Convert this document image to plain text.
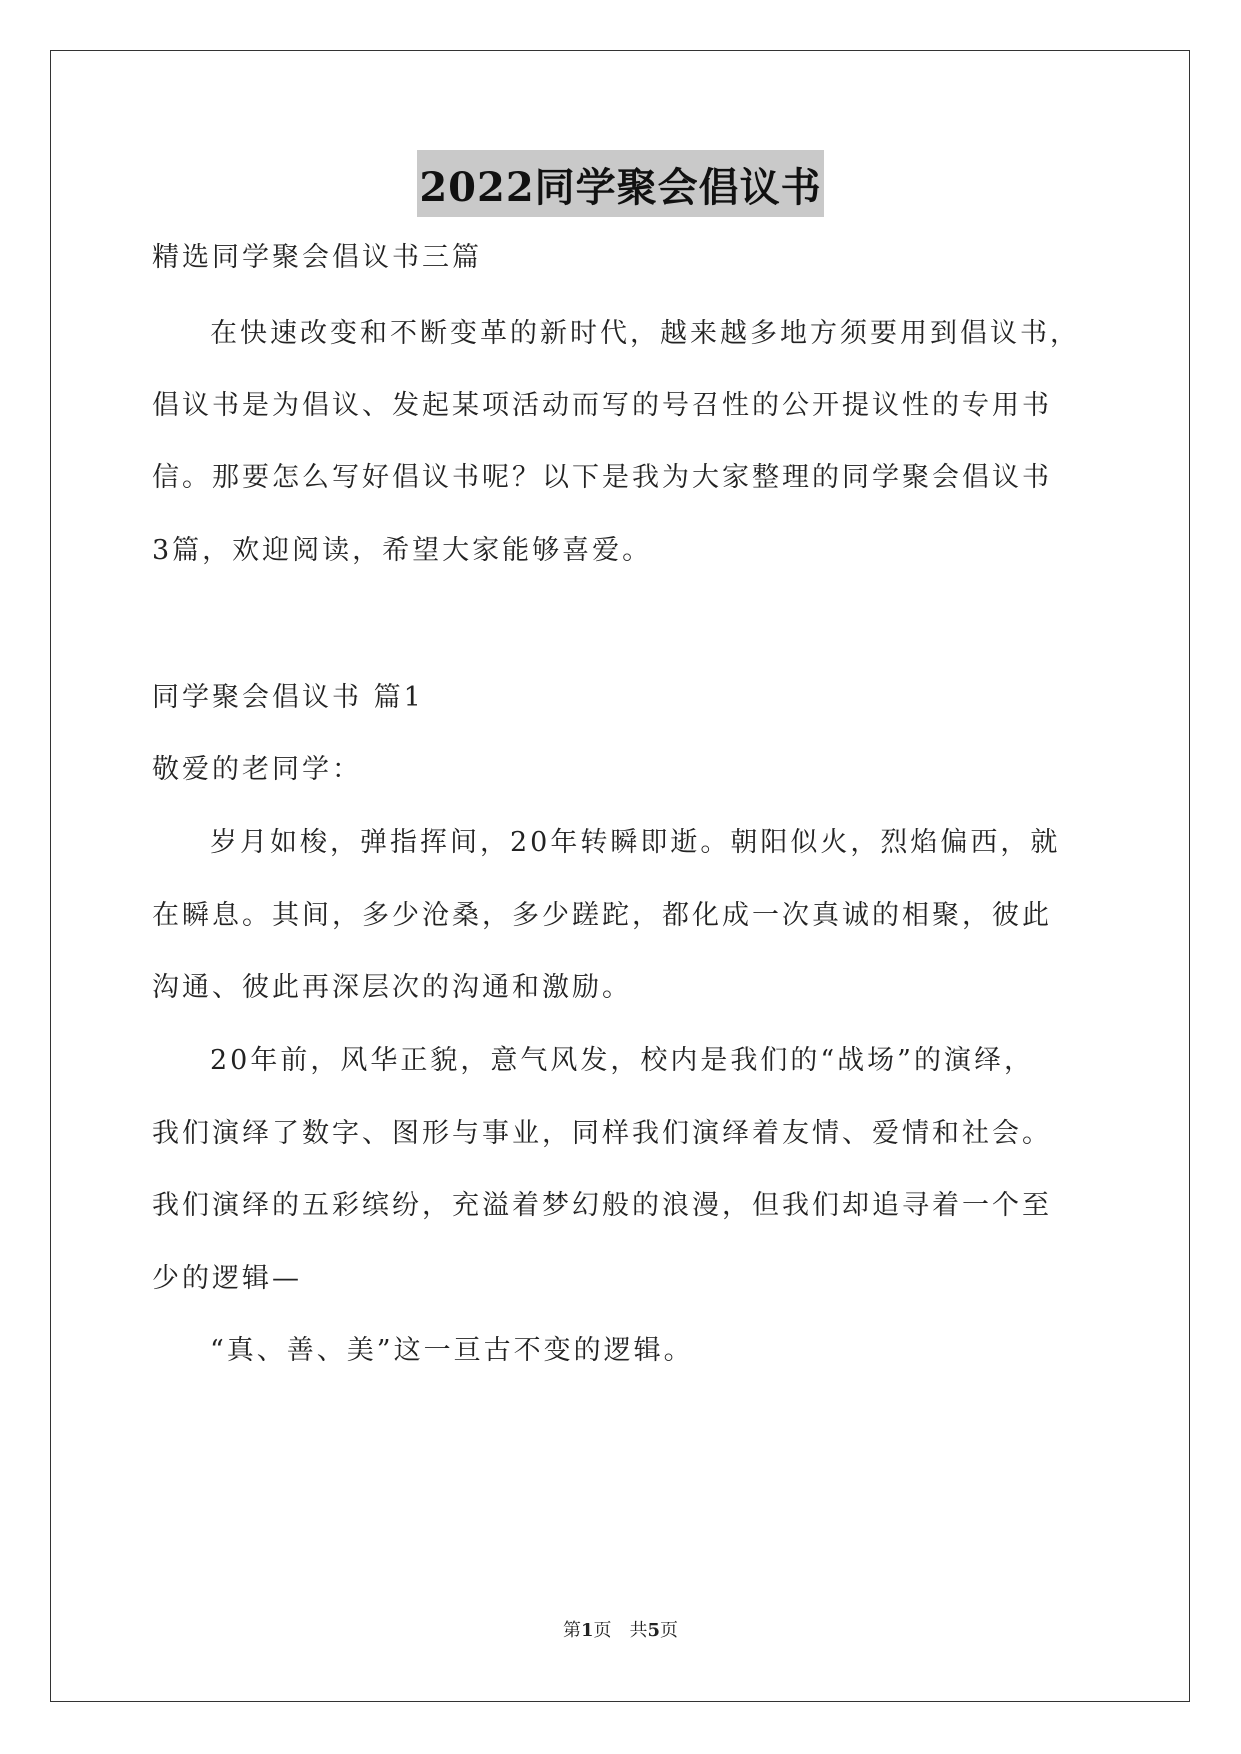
2022同学聚会倡议书
精选同学聚会倡议书三篇
在快速改变和不断变革的新时代，越来越多地方须要用到倡议书，
倡议书是为倡议、发起某项活动而写的号召性的公开提议性的专用书
信。那要怎么写好倡议书呢？以下是我为大家整理的同学聚会倡议书
3篇，欢迎阅读，希望大家能够喜爱。
同学聚会倡议书 篇1
敬爱的老同学：
岁月如梭，弹指挥间，20年转瞬即逝。朝阳似火，烈焰偏西，就
在瞬息。其间，多少沧桑，多少蹉跎，都化成一次真诚的相聚，彼此
沟通、彼此再深层次的沟通和激励。
20年前，风华正貌，意气风发，校内是我们的“战场”的演绎，
我们演绎了数字、图形与事业，同样我们演绎着友情、爱情和社会。
我们演绎的五彩缤纷，充溢着梦幻般的浪漫，但我们却追寻着一个至
少的逻辑—
“真、善、美”这一亘古不变的逻辑。
第1页　共5页
